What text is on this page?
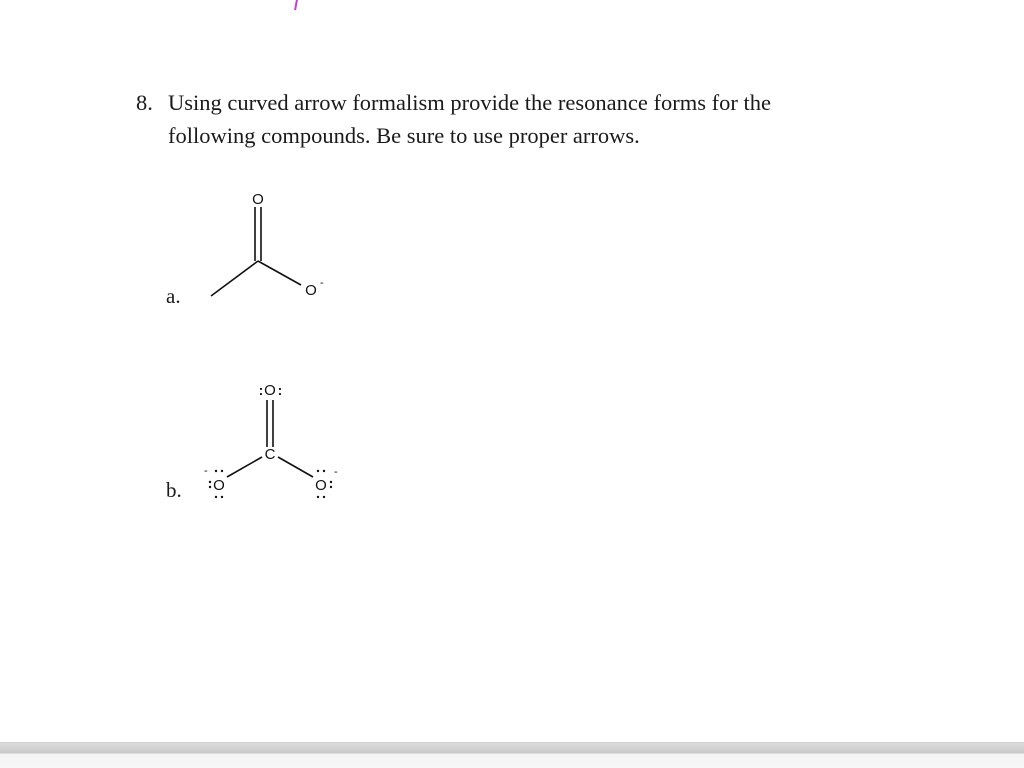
8. Using curved arrow formalism provide the resonance forms for the following compounds. Be sure to use proper arrows.
a.
O
O -
b.
: O :
C
-
O	O
-
